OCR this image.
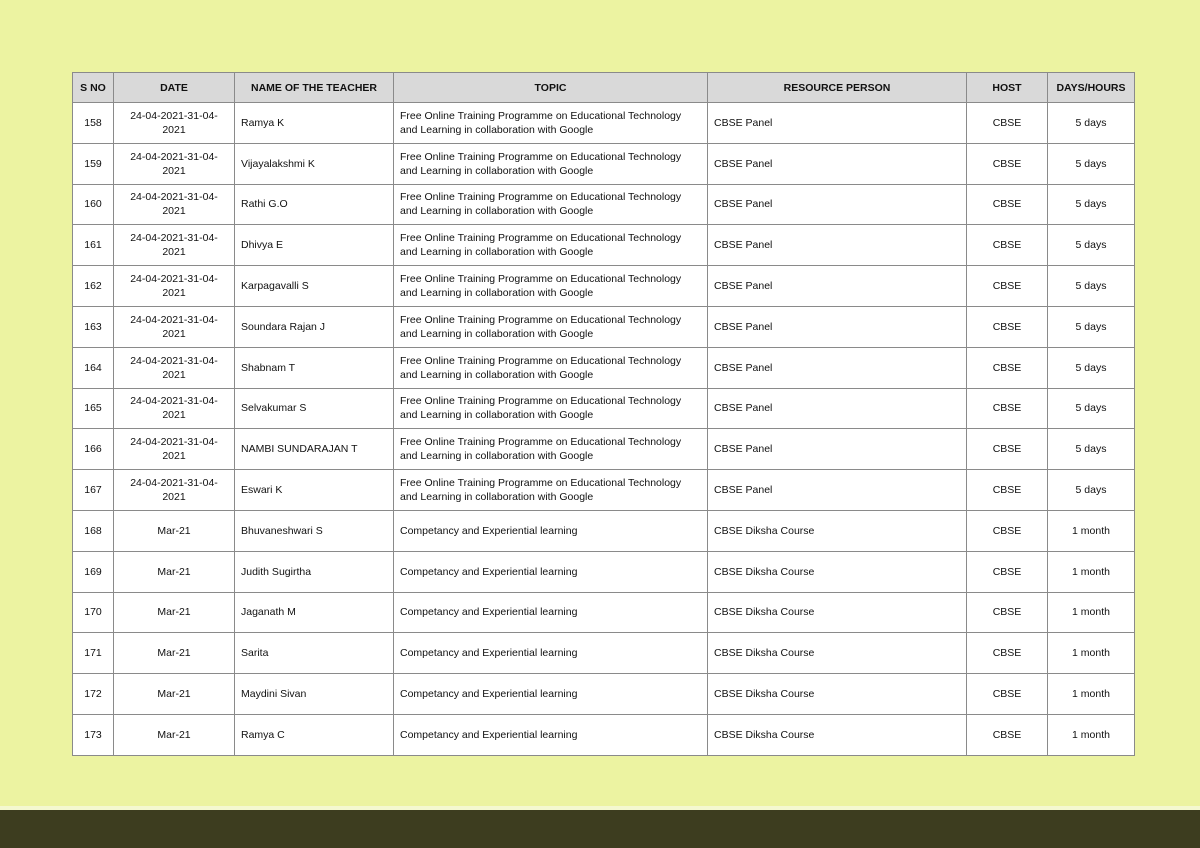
S NO	DATE	NAME OF THE TEACHER	TOPIC	RESOURCE PERSON	HOST	DAYS/HOURS
158	24-04-2021-31-04-2021	Ramya K	Free Online Training Programme on Educational Technology and Learning in collaboration with Google	CBSE Panel	CBSE	5 days
159	24-04-2021-31-04-2021	Vijayalakshmi K	Free Online Training Programme on Educational Technology and Learning in collaboration with Google	CBSE Panel	CBSE	5 days
160	24-04-2021-31-04-2021	Rathi G.O	Free Online Training Programme on Educational Technology and Learning in collaboration with Google	CBSE Panel	CBSE	5 days
161	24-04-2021-31-04-2021	Dhivya E	Free Online Training Programme on Educational Technology and Learning in collaboration with Google	CBSE Panel	CBSE	5 days
162	24-04-2021-31-04-2021	Karpagavalli S	Free Online Training Programme on Educational Technology and Learning in collaboration with Google	CBSE Panel	CBSE	5 days
163	24-04-2021-31-04-2021	Soundara Rajan J	Free Online Training Programme on Educational Technology and Learning in collaboration with Google	CBSE Panel	CBSE	5 days
164	24-04-2021-31-04-2021	Shabnam T	Free Online Training Programme on Educational Technology and Learning in collaboration with Google	CBSE Panel	CBSE	5 days
165	24-04-2021-31-04-2021	Selvakumar S	Free Online Training Programme on Educational Technology and Learning in collaboration with Google	CBSE Panel	CBSE	5 days
166	24-04-2021-31-04-2021	NAMBI SUNDARAJAN T	Free Online Training Programme on Educational Technology and Learning in collaboration with Google	CBSE Panel	CBSE	5 days
167	24-04-2021-31-04-2021	Eswari K	Free Online Training Programme on Educational Technology and Learning in collaboration with Google	CBSE Panel	CBSE	5 days
168	Mar-21	Bhuvaneshwari S	Competancy and Experiential learning	CBSE Diksha Course	CBSE	1 month
169	Mar-21	Judith Sugirtha	Competancy and Experiential learning	CBSE Diksha Course	CBSE	1 month
170	Mar-21	Jaganath M	Competancy and Experiential learning	CBSE Diksha Course	CBSE	1 month
171	Mar-21	Sarita	Competancy and Experiential learning	CBSE Diksha Course	CBSE	1 month
172	Mar-21	Maydini Sivan	Competancy and Experiential learning	CBSE Diksha Course	CBSE	1 month
173	Mar-21	Ramya C	Competancy and Experiential learning	CBSE Diksha Course	CBSE	1 month
